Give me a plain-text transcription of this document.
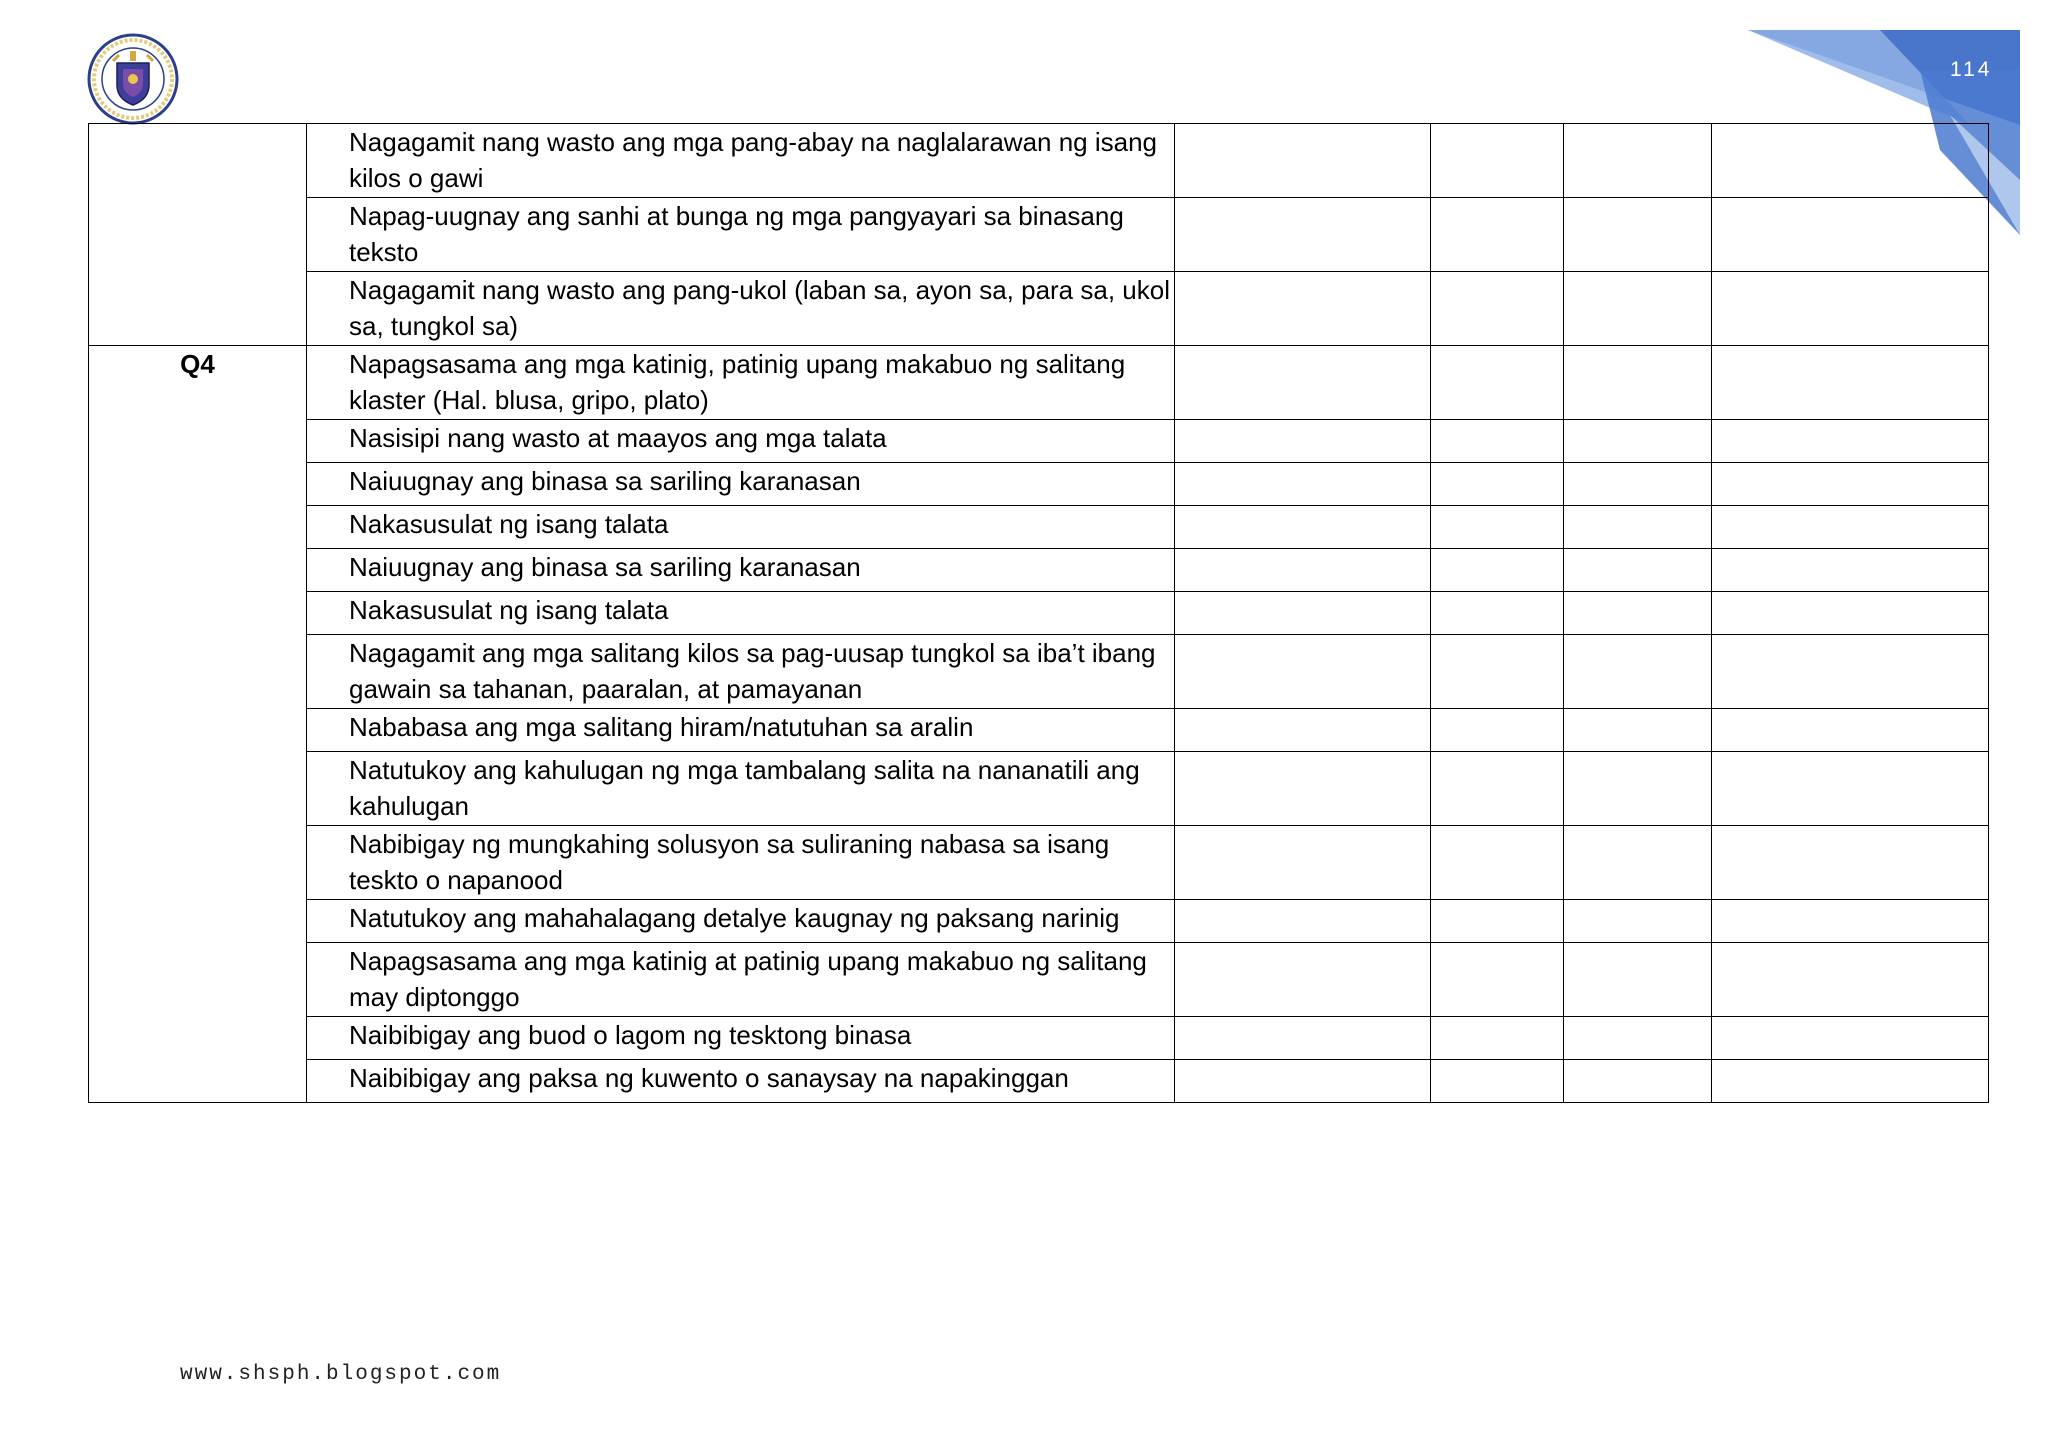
114
	Nagagamit nang wasto ang mga pang-abay na naglalarawan ng isang kilos o gawi				
	Napag-uugnay ang sanhi at bunga ng mga pangyayari sa binasang teksto				
	Nagagamit nang wasto ang pang-ukol (laban sa, ayon sa, para sa, ukol sa, tungkol sa)				
Q4	Napagsasama ang mga katinig, patinig upang makabuo ng salitang klaster (Hal. blusa, gripo, plato)				
	Nasisipi nang wasto at maayos ang mga talata				
	Naiuugnay ang binasa sa sariling karanasan				
	Nakasusulat ng isang talata				
	Naiuugnay ang binasa sa sariling karanasan				
	Nakasusulat ng isang talata				
	Nagagamit ang mga salitang kilos sa pag-uusap tungkol sa iba’t ibang gawain sa tahanan, paaralan, at pamayanan				
	Nababasa ang mga salitang hiram/natutuhan sa aralin				
	Natutukoy ang kahulugan ng mga tambalang salita na nananatili ang kahulugan				
	Nabibigay ng mungkahing solusyon sa suliraning nabasa sa isang teskto o napanood				
	Natutukoy ang mahahalagang detalye kaugnay ng paksang narinig				
	Napagsasama ang mga katinig at patinig upang makabuo ng salitang may diptonggo				
	Naibibigay ang buod o lagom ng tesktong binasa				
	Naibibigay ang paksa ng kuwento o sanaysay na napakinggan				
www.shsph.blogspot.com
